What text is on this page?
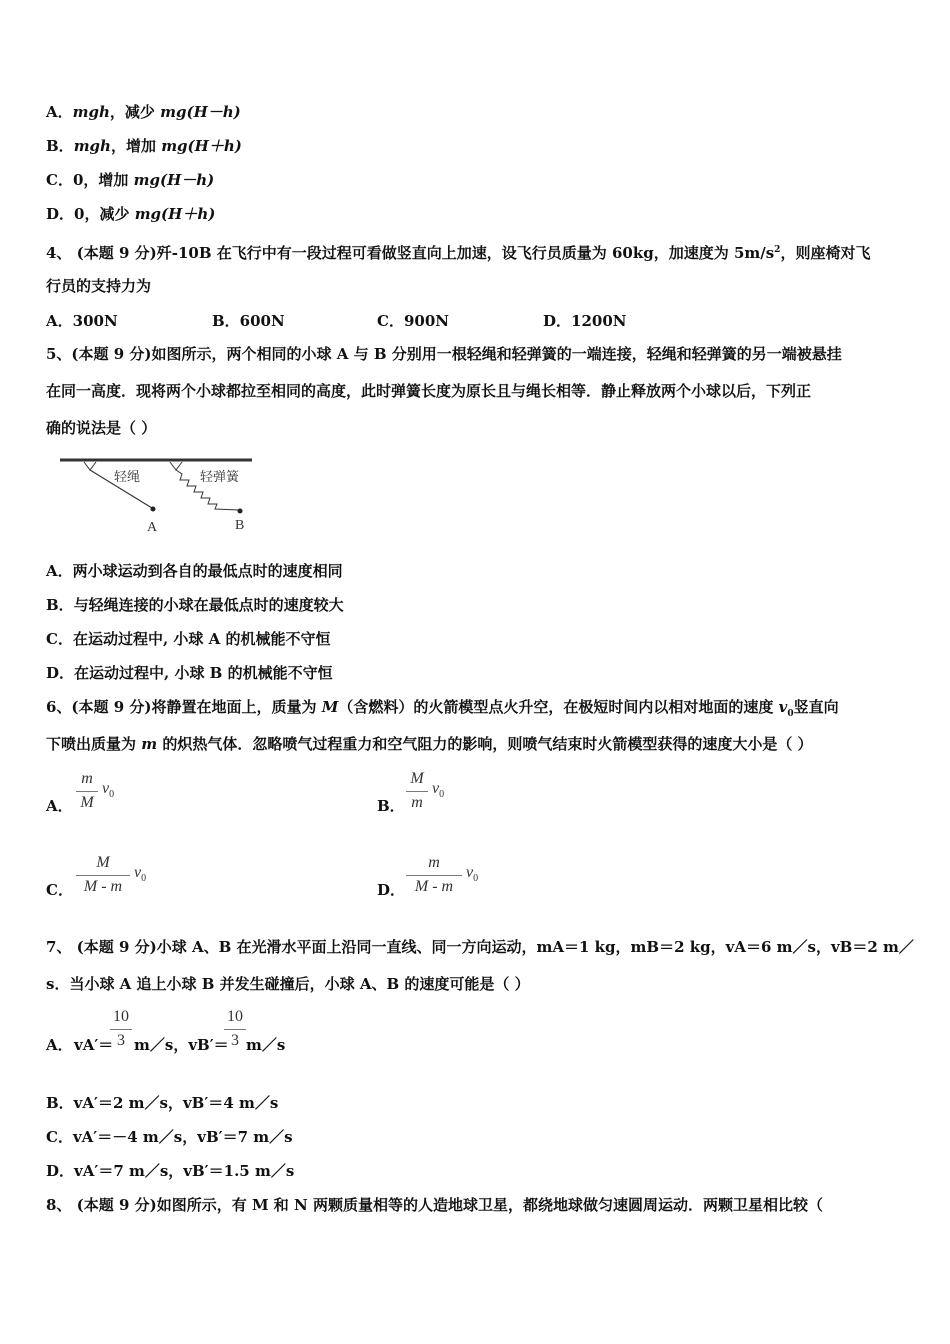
A．mgh，减少 mg(H－h)
B．mgh，增加 mg(H＋h)
C．0，增加 mg(H－h)
D．0，减少 mg(H＋h)
4、 (本题 9 分)歼-10B 在飞行中有一段过程可看做竖直向上加速，设飞行员质量为 60kg，加速度为 $5m/s^2$，则座椅对飞
行员的支持力为
A．300N	B．600N	C．900N	D．1200N
5、(本题 9 分)如图所示，两个相同的小球 A 与 B 分别用一根轻绳和轻弹簧的一端连接，轻绳和轻弹簧的另一端被悬挂
在同一高度．现将两个小球都拉至相同的高度，此时弹簧长度为原长且与绳长相等．静止释放两个小球以后，下列正
确的说法是（ ）
轻绳	轻弹簧
A	B
A．两小球运动到各自的最低点时的速度相同
B．与轻绳连接的小球在最低点时的速度较大
C．在运动过程中, 小球 A 的机械能不守恒
D．在运动过程中, 小球 B 的机械能不守恒
6、(本题 9 分)将静置在地面上，质量为 M（含燃料）的火箭模型点火升空，在极短时间内以相对地面的速度 $v_0$竖直向
下喷出质量为 m 的炽热气体．忽略喷气过程重力和空气阻力的影响，则喷气结束时火箭模型获得的速度大小是（ ）
A．
m
M
$v_0$
B．
M
m
$v_0$
C．
M
M - m
$v_0$
D．
m
M - m
$v_0$
7、 (本题 9 分)小球 A、B 在光滑水平面上沿同一直线、同一方向运动，mA＝1 kg，mB＝2 kg，vA＝6 m／s，vB＝2 m／
s．当小球 A 追上小球 B 并发生碰撞后，小球 A、B 的速度可能是（ ）
A． vA′＝
10
3 m／s，vB′＝
10
3 m／s
B．vA′＝2 m／s，vB′＝4 m／s
C．vA′＝－4 m／s，vB′＝7 m／s
D．vA′＝7 m／s，vB′＝1.5 m／s
8、 (本题 9 分)如图所示，有 M 和 N 两颗质量相等的人造地球卫星，都绕地球做匀速圆周运动．两颗卫星相比较（
